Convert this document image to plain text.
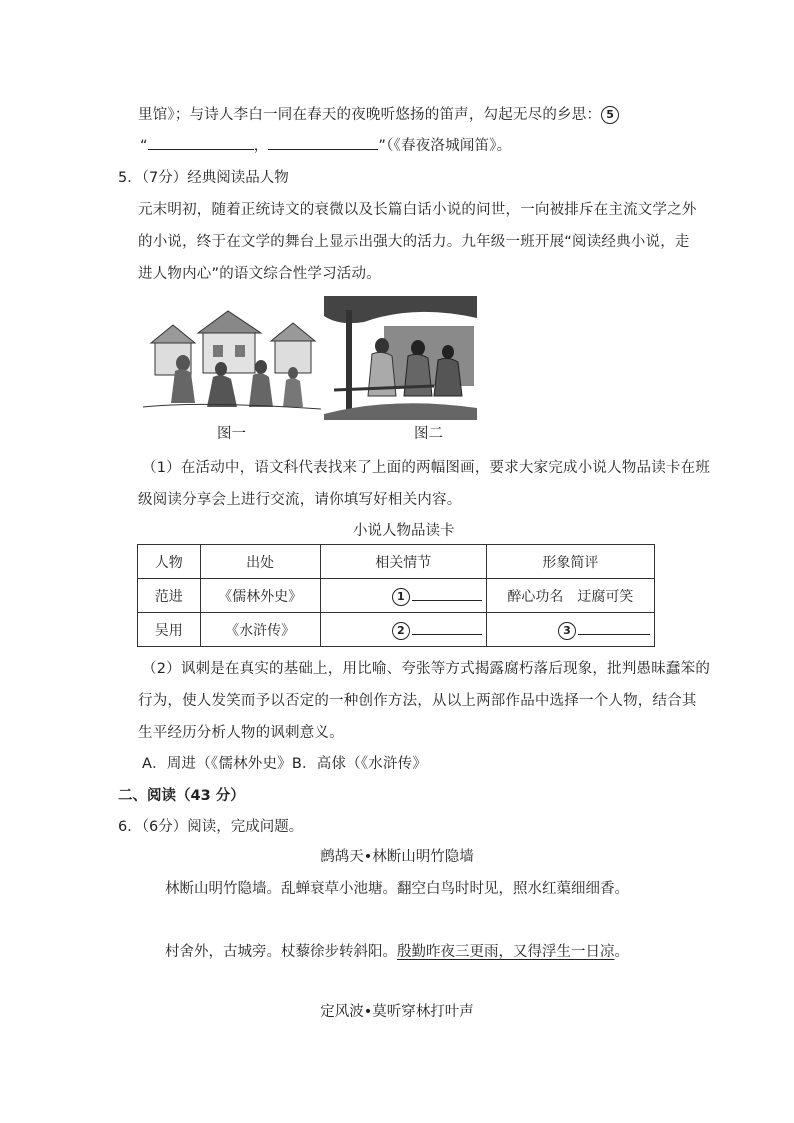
里馆》；与诗人李白一同在春天的夜晚听悠扬的笛声，勾起无尽的乡思： 5
“	，	”（《春夜洛城闻笛》。
5．（7分）经典阅读品人物
元末明初，随着正统诗文的衰微以及长篇白话小说的问世，一向被排斥在主流文学之外
的小说，终于在文学的舞台上显示出强大的活力。九年级一班开展“阅读经典小说，走
进人物内心”的语文综合性学习活动。
图一	图二
（1）在活动中，语文科代表找来了上面的两幅图画，要求大家完成小说人物品读卡在班
级阅读分享会上进行交流，请你填写好相关内容。
小说人物品读卡
人物	出处	相关情节	形象简评
范进	《儒林外史》	1	醉心功名　迂腐可笑
吴用	《水浒传》	2	3
（2）讽刺是在真实的基础上，用比喻、夸张等方式揭露腐朽落后现象，批判愚昧蠢笨的
行为，使人发笑而予以否定的一种创作方法，从以上两部作品中选择一个人物，结合其
生平经历分析人物的讽刺意义。
A．周进（《儒林外史》B．高俅（《水浒传》
二、阅读（43 分）
6．（6分）阅读，完成问题。
鹧鸪天•林断山明竹隐墙
林断山明竹隐墙。乱蝉衰草小池塘。翻空白鸟时时见，照水红蕖细细香。
村舍外，古城旁。杖藜徐步转斜阳。殷勤昨夜三更雨，又得浮生一日凉。
定风波•莫听穿林打叶声
